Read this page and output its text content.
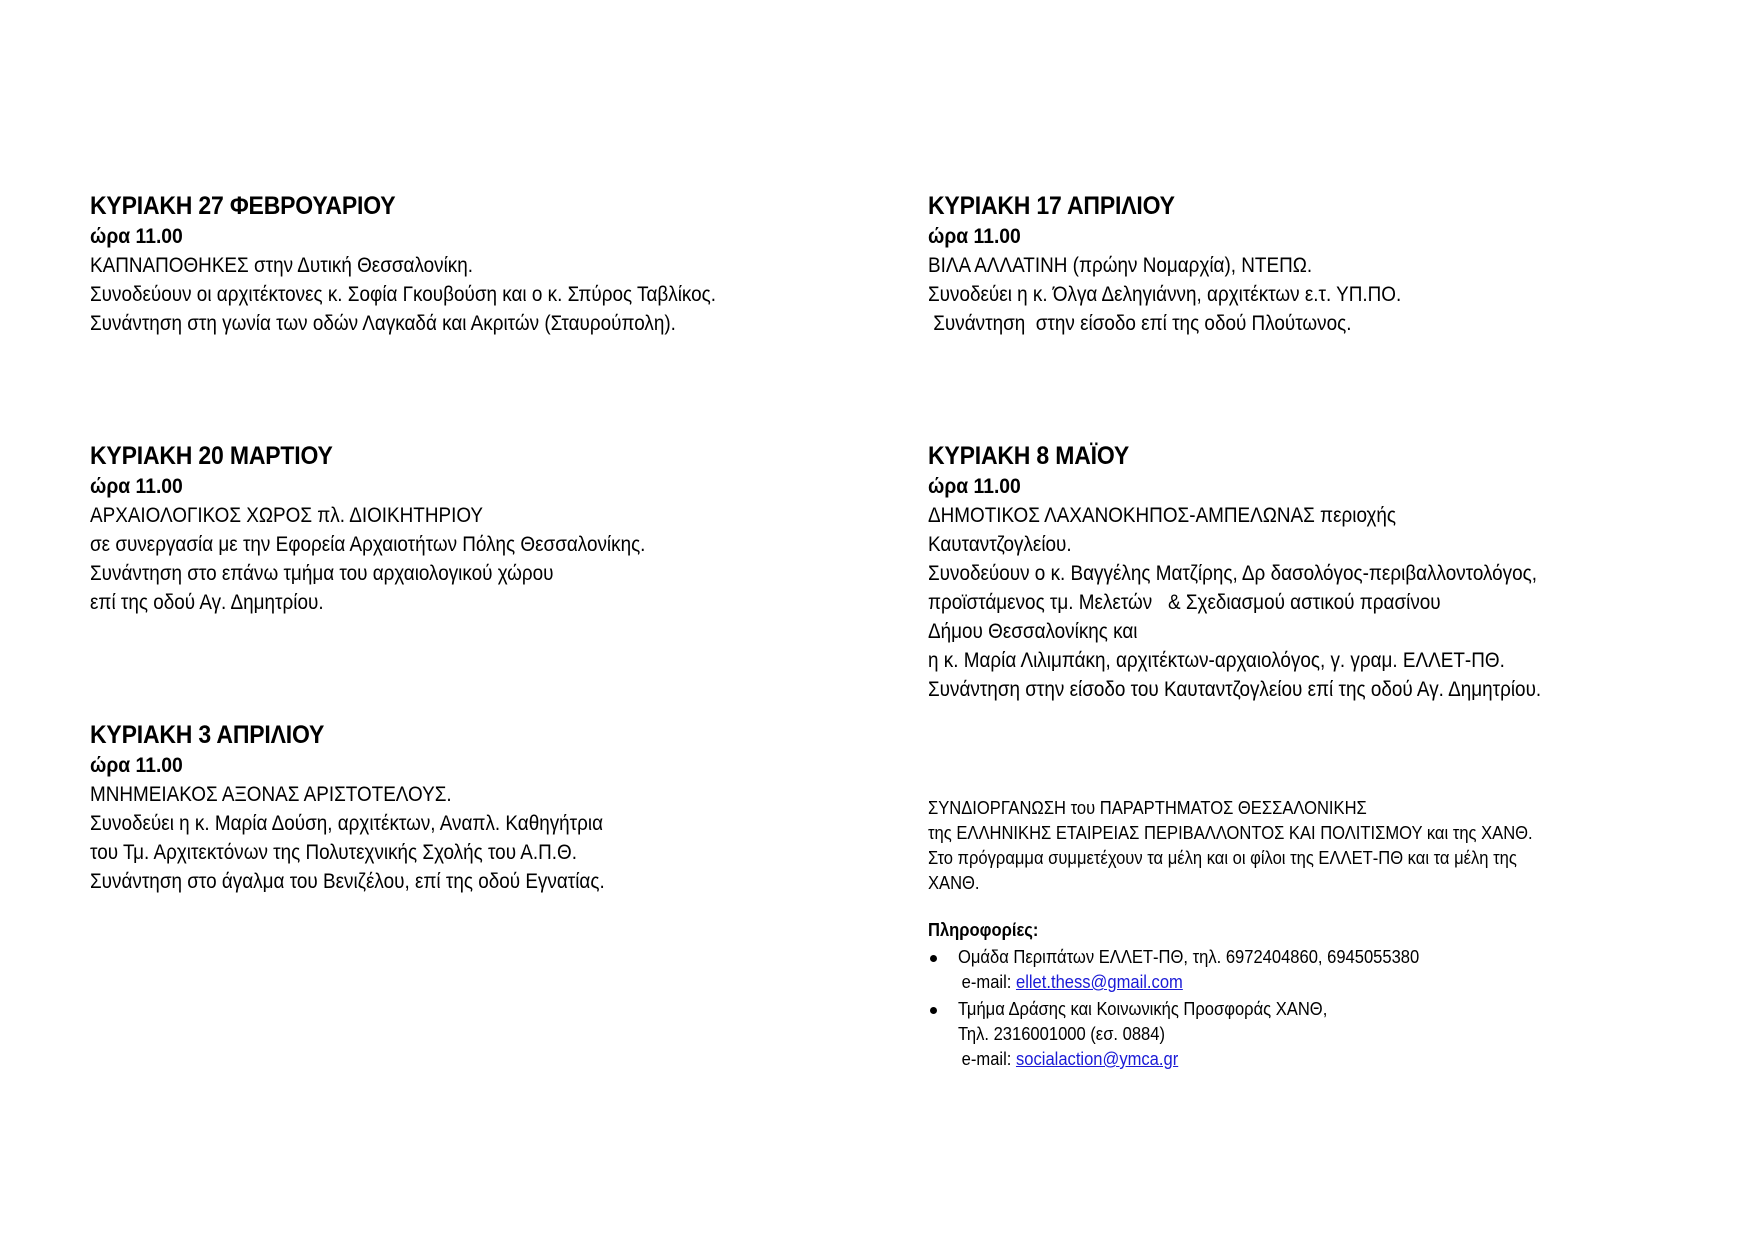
ΚΥΡΙΑΚΗ 27 ΦΕΒΡΟΥΑΡΙΟΥ
ώρα 11.00
ΚΑΠΝΑΠΟΘΗΚΕΣ στην Δυτική Θεσσαλονίκη.
Συνοδεύουν οι αρχιτέκτονες κ. Σοφία Γκουβούση και ο κ. Σπύρος Ταβλίκος.
Συνάντηση στη γωνία των οδών Λαγκαδά και Ακριτών (Σταυρούπολη).
ΚΥΡΙΑΚΗ 20 ΜΑΡΤΙΟΥ
ώρα 11.00
ΑΡΧΑΙΟΛΟΓΙΚΟΣ ΧΩΡΟΣ πλ. ΔΙΟΙΚΗΤΗΡΙΟΥ
σε συνεργασία με την Εφορεία Αρχαιοτήτων Πόλης Θεσσαλονίκης.
Συνάντηση στο επάνω τμήμα του αρχαιολογικού χώρου
επί της οδού Αγ. Δημητρίου.
ΚΥΡΙΑΚΗ 3 ΑΠΡΙΛΙΟΥ
ώρα 11.00
ΜΝΗΜΕΙΑΚΟΣ ΑΞΟΝΑΣ ΑΡΙΣΤΟΤΕΛΟΥΣ.
Συνοδεύει η κ. Μαρία Δούση, αρχιτέκτων, Αναπλ. Καθηγήτρια
του Τμ. Αρχιτεκτόνων της Πολυτεχνικής Σχολής του Α.Π.Θ.
Συνάντηση στο άγαλμα του Βενιζέλου, επί της οδού Εγνατίας.
ΚΥΡΙΑΚΗ 17 ΑΠΡΙΛΙΟΥ
ώρα 11.00
ΒΙΛΑ ΑΛΛΑΤΙΝΗ (πρώην Νομαρχία), ΝΤΕΠΩ.
Συνοδεύει η κ. Όλγα Δεληγιάννη, αρχιτέκτων ε.τ. ΥΠ.ΠΟ.
Συνάντηση  στην είσοδο επί της οδού Πλούτωνος.
ΚΥΡΙΑΚΗ 8 ΜΑΪΟΥ
ώρα 11.00
ΔΗΜΟΤΙΚΟΣ ΛΑΧΑΝΟΚΗΠΟΣ-ΑΜΠΕΛΩΝΑΣ περιοχής
Καυταντζογλείου.
Συνοδεύουν ο κ. Βαγγέλης Ματζίρης, Δρ δασολόγος-περιβαλλοντολόγος,
προϊστάμενος τμ. Μελετών   & Σχεδιασμού αστικού πρασίνου
Δήμου Θεσσαλονίκης και
η κ. Μαρία Λιλιμπάκη, αρχιτέκτων-αρχαιολόγος, γ. γραμ. ΕΛΛΕΤ-ΠΘ.
Συνάντηση στην είσοδο του Καυταντζογλείου επί της οδού Αγ. Δημητρίου.
ΣΥΝΔΙΟΡΓΑΝΩΣΗ του ΠΑΡΑΡΤΗΜΑΤΟΣ ΘΕΣΣΑΛΟΝΙΚΗΣ
της ΕΛΛΗΝΙΚΗΣ ΕΤΑΙΡΕΙΑΣ ΠΕΡΙΒΑΛΛΟΝΤΟΣ ΚΑΙ ΠΟΛΙΤΙΣΜΟΥ και της ΧΑΝΘ.
Στο πρόγραμμα συμμετέχουν τα μέλη και οι φίλοι της ΕΛΛΕΤ-ΠΘ και τα μέλη της
ΧΑΝΘ.
Πληροφορίες:
Ομάδα Περιπάτων ΕΛΛΕΤ-ΠΘ, τηλ. 6972404860, 6945055380
e-mail: ellet.thess@gmail.com
Τμήμα Δράσης και Κοινωνικής Προσφοράς ΧΑΝΘ,
Τηλ. 2316001000 (εσ. 0884)
e-mail: socialaction@ymca.gr
